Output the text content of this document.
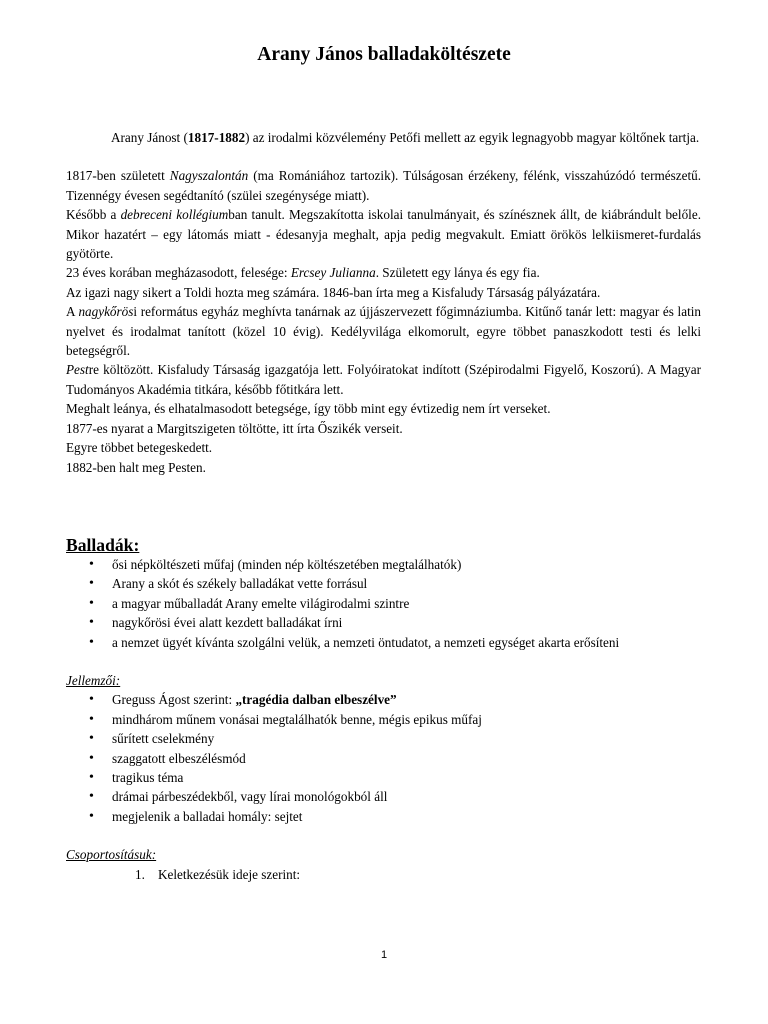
Arany János balladaköltészete

Arany Jánost (1817-1882) az irodalmi közvélemény Petőfi mellett az egyik legnagyobb magyar költőnek tartja.

1817-ben született Nagyszalontán (ma Romániához tartozik). Túlságosan érzékeny, félénk, visszahúzódó természetű. Tizennégy évesen segédtanító (szülei szegénysége miatt).

Később a debreceni kollégiumban tanult. Megszakította iskolai tanulmányait, és színésznek állt, de kiábrándult belőle. Mikor hazatért – egy látomás miatt - édesanyja meghalt, apja pedig megvakult. Emiatt örökös lelkiismeret-furdalás gyötörte.

23 éves korában megházasodott, felesége: Ercsey Julianna. Született egy lánya és egy fia.

Az igazi nagy sikert a Toldi hozta meg számára. 1846-ban írta meg a Kisfaludy Társaság pályázatára.

A nagykőrösi református egyház meghívta tanárnak az újjászervezett főgimnáziumba. Kitűnő tanár lett: magyar és latin nyelvet és irodalmat tanított (közel 10 évig). Kedélyvilága elkomorult, egyre többet panaszkodott testi és lelki betegségről.

Pestre költözött. Kisfaludy Társaság igazgatója lett. Folyóiratokat indított (Szépirodalmi Figyelő, Koszorú). A Magyar Tudományos Akadémia titkára, később főtitkára lett.

Meghalt leánya, és elhatalmasodott betegsége, így több mint egy évtizedig nem írt verseket.

1877-es nyarat a Margitszigeten töltötte, itt írta Őszikék verseit.

Egyre többet betegeskedett.

1882-ben halt meg Pesten.

Balladák:
• ősi népköltészeti műfaj (minden nép költészetében megtalálhatók)
• Arany a skót és székely balladákat vette forrásul
• a magyar műballadát Arany emelte világirodalmi szintre
• nagykőrösi évei alatt kezdett balladákat írni
• a nemzet ügyét kívánta szolgálni velük, a nemzeti öntudatot, a nemzeti egységet akarta erősíteni

Jellemzői:

• Greguss Ágost szerint: „tragédia dalban elbeszélve”
• mindhárom műnem vonásai megtalálhatók benne, mégis epikus műfaj
• sűrített cselekmény
• szaggatott elbeszélésmód
• tragikus téma
• drámai párbeszédekből, vagy lírai monológokból áll
• megjelenik a balladai homály: sejtet

Csoportosításuk:

1. Keletkezésük ideje szerint:
1
